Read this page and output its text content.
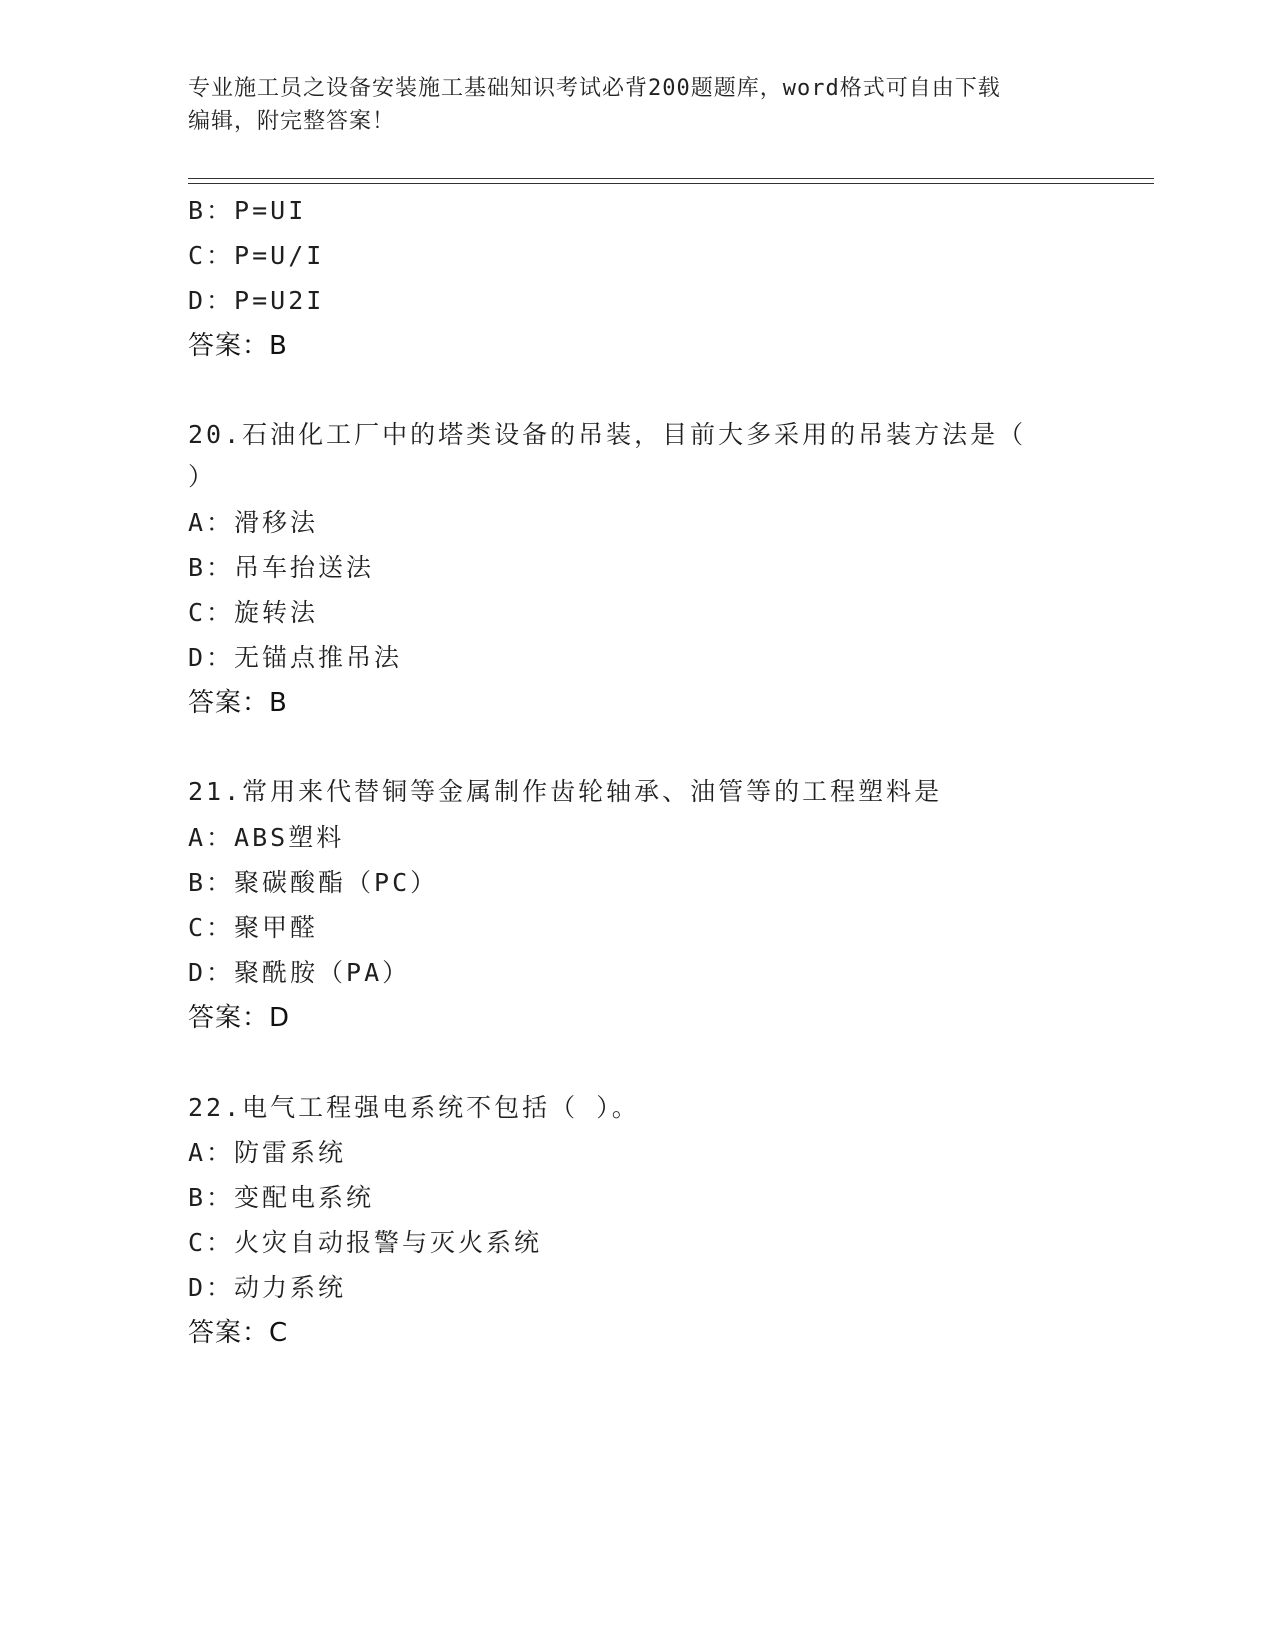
专业施工员之设备安装施工基础知识考试必背200题题库，word格式可自由下载
编辑，附完整答案！
B：P=UI
C：P=U/I
D：P=U2I
答案：B
20.石油化工厂中的塔类设备的吊装，目前大多采用的吊装方法是（
）
A：滑移法
B：吊车抬送法
C：旋转法
D：无锚点推吊法
答案：B
21.常用来代替铜等金属制作齿轮轴承、油管等的工程塑料是
A：ABS塑料
B：聚碳酸酯（PC）
C：聚甲醛
D：聚酰胺（PA）
答案：D
22.电气工程强电系统不包括（ ）。
A：防雷系统
B：变配电系统
C：火灾自动报警与灭火系统
D：动力系统
答案：C
